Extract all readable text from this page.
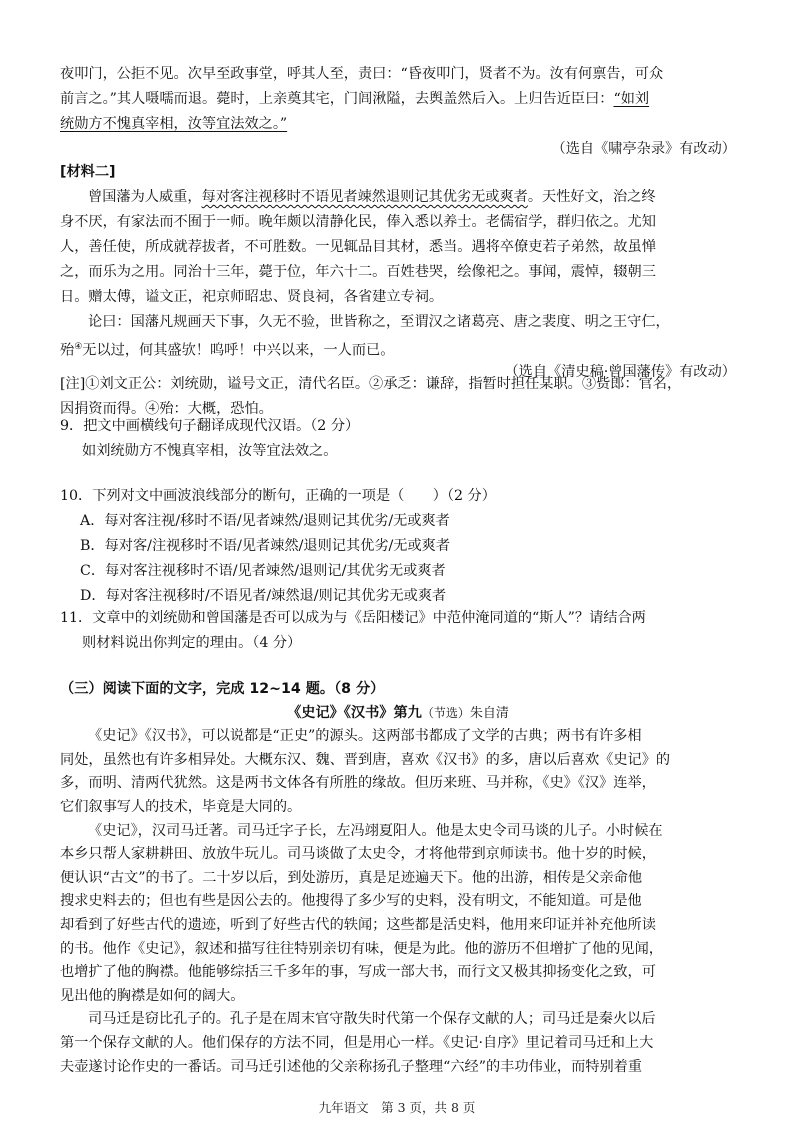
夜叩门，公拒不见。次早至政事堂，呼其人至，责曰：“昏夜叩门，贤者不为。汝有何禀告，可众
前言之。”其人嗫嚅而退。薨时，上亲奠其宅，门闾湫隘，去舆盖然后入。上归告近臣曰：“如刘
统勋方不愧真宰相，汝等宜法效之。”
（选自《啸亭杂录》有改动）
[材料二]
曾国藩为人威重，每对客注视移时不语见者竦然退则记其优劣无或爽者。天性好文，治之终
身不厌，有家法而不囿于一师。晚年颇以清静化民，俸入悉以养士。老儒宿学，群归依之。尤知
人，善任使，所成就荐拔者，不可胜数。一见辄品目其材，悉当。遇将卒僚吏若子弟然，故虽惮
之，而乐为之用。同治十三年，薨于位，年六十二。百姓巷哭，绘像祀之。事闻，震悼，辍朝三
日。赠太傅，谥文正，祀京师昭忠、贤良祠，各省建立专祠。
论曰：国藩凡规画天下事，久无不验，世皆称之，至谓汉之诸葛亮、唐之裴度、明之王守仁，
殆④无以过，何其盛欤！呜呼！中兴以来，一人而已。
（选自《清史稿·曾国藩传》有改动）
[注]①刘文正公：刘统勋，谥号文正，清代名臣。②承乏：谦辞，指暂时担任某职。③赀郎：官名，
因捐资而得。④殆：大概，恐怕。
9．把文中画横线句子翻译成现代汉语。（2 分）
如刘统勋方不愧真宰相，汝等宜法效之。
10．下列对文中画波浪线部分的断句，正确的一项是（　　）（2 分）
A．每对客注视/移时不语/见者竦然/退则记其优劣/无或爽者
B．每对客/注视移时不语/见者竦然/退则记其优劣/无或爽者
C．每对客注视移时不语/见者竦然/退则记/其优劣无或爽者
D．每对客注视移时/不语见者/竦然退/则记其优劣无或爽者
11．文章中的刘统勋和曾国藩是否可以成为与《岳阳楼记》中范仲淹同道的“斯人”？请结合两
则材料说出你判定的理由。（4 分）
（三）阅读下面的文字，完成 12~14 题。（8 分）
《史记》《汉书》第九（节选）朱自清
《史记》《汉书》，可以说都是“正史”的源头。这两部书都成了文学的古典；两书有许多相
同处，虽然也有许多相异处。大概东汉、魏、晋到唐，喜欢《汉书》的多，唐以后喜欢《史记》的
多，而明、清两代犹然。这是两书文体各有所胜的缘故。但历来班、马并称，《史》《汉》连举，
它们叙事写人的技术，毕竟是大同的。
《史记》，汉司马迁著。司马迁字子长，左冯翊夏阳人。他是太史令司马谈的儿子。小时候在
本乡只帮人家耕耕田、放放牛玩儿。司马谈做了太史令，才将他带到京师读书。他十岁的时候，
便认识“古文”的书了。二十岁以后，到处游历，真是足迹遍天下。他的出游，相传是父亲命他
搜求史料去的；但也有些是因公去的。他搜得了多少写的史料，没有明文，不能知道。可是他
却看到了好些古代的遗迹，听到了好些古代的轶闻；这些都是活史料，他用来印证并补充他所读
的书。他作《史记》，叙述和描写往往特别亲切有味，便是为此。他的游历不但增扩了他的见闻，
也增扩了他的胸襟。他能够综括三千多年的事，写成一部大书，而行文又极其抑扬变化之致，可
见出他的胸襟是如何的阔大。
司马迁是窃比孔子的。孔子是在周末官守散失时代第一个保存文献的人；司马迁是秦火以后
第一个保存文献的人。他们保存的方法不同，但是用心一样。《史记·自序》里记着司马迁和上大
夫壶遂讨论作史的一番话。司马迁引述他的父亲称扬孔子整理“六经”的丰功伟业，而特别着重
九年语文　第 3 页，共 8 页
